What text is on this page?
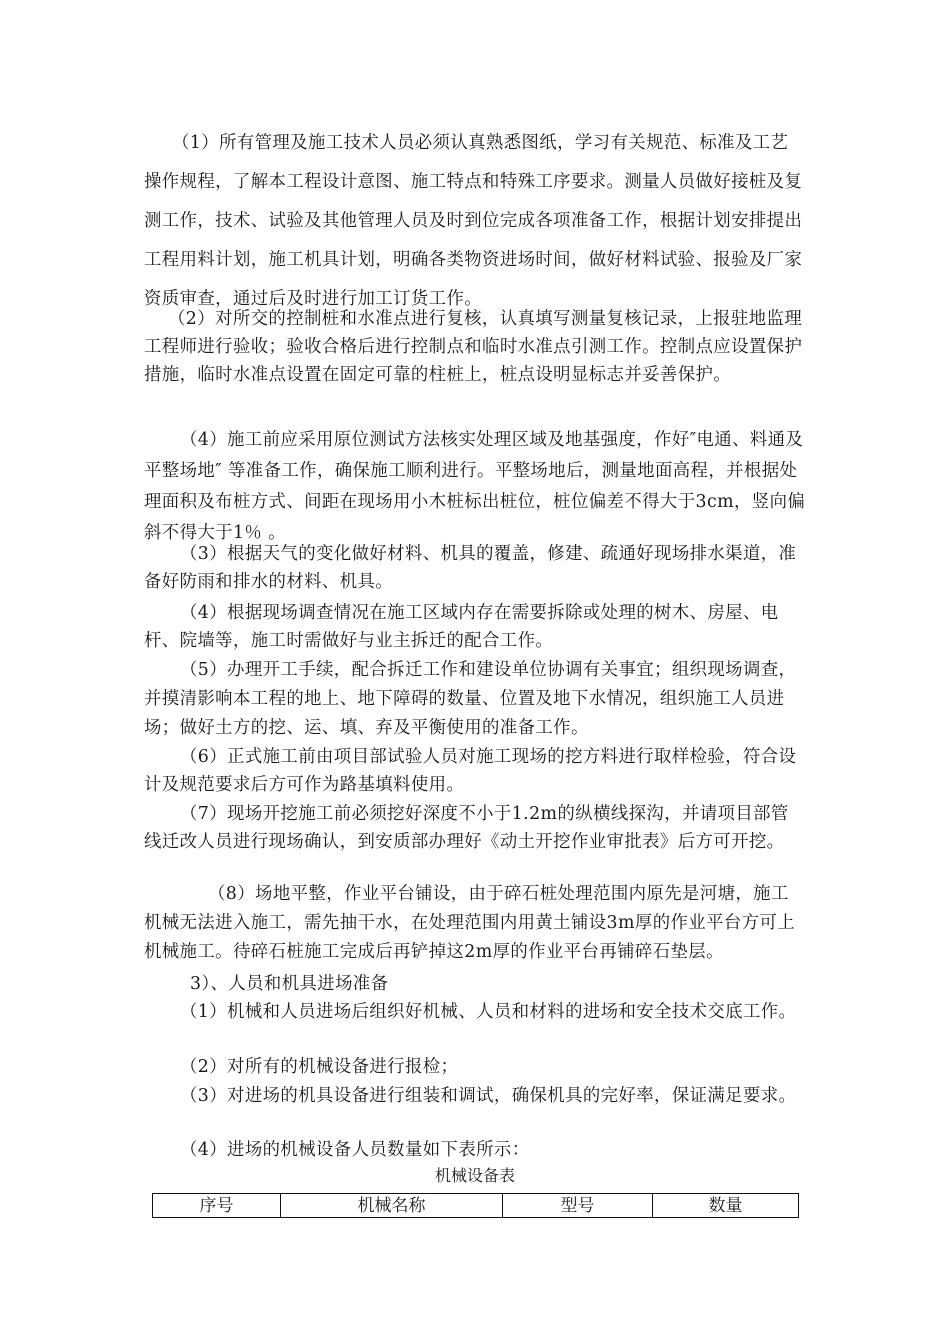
（1）所有管理及施工技术人员必须认真熟悉图纸，学习有关规范、标准及工艺操作规程，了解本工程设计意图、施工特点和特殊工序要求。测量人员做好接桩及复测工作，技术、试验及其他管理人员及时到位完成各项准备工作，根据计划安排提出工程用料计划，施工机具计划，明确各类物资进场时间，做好材料试验、报验及厂家资质审查，通过后及时进行加工订货工作。

（2）对所交的控制桩和水准点进行复核，认真填写测量复核记录，上报驻地监理工程师进行验收；验收合格后进行控制点和临时水准点引测工作。控制点应设置保护措施，临时水准点设置在固定可靠的柱桩上，桩点设明显标志并妥善保护。

（4）施工前应采用原位测试方法核实处理区域及地基强度，作好″电通、料通及平整场地″ 等准备工作，确保施工顺利进行。平整场地后，测量地面高程，并根据处理面积及布桩方式、间距在现场用小木桩标出桩位，桩位偏差不得大于3cm，竖向偏斜不得大于1％ 。

（3）根据天气的变化做好材料、机具的覆盖，修建、疏通好现场排水渠道，准备好防雨和排水的材料、机具。

（4）根据现场调查情况在施工区域内存在需要拆除或处理的树木、房屋、电杆、院墙等，施工时需做好与业主拆迁的配合工作。

（5）办理开工手续，配合拆迁工作和建设单位协调有关事宜；组织现场调查，并摸清影响本工程的地上、地下障碍的数量、位置及地下水情况，组织施工人员进场；做好土方的挖、运、填、弃及平衡使用的准备工作。

（6）正式施工前由项目部试验人员对施工现场的挖方料进行取样检验，符合设计及规范要求后方可作为路基填料使用。

（7）现场开挖施工前必须挖好深度不小于1.2m的纵横线探沟，并请项目部管线迁改人员进行现场确认，到安质部办理好《动土开挖作业审批表》后方可开挖。

（8）场地平整，作业平台铺设，由于碎石桩处理范围内原先是河塘，施工机械无法进入施工，需先抽干水，在处理范围内用黄土铺设3m厚的作业平台方可上机械施工。待碎石桩施工完成后再铲掉这2m厚的作业平台再铺碎石垫层。

3）、人员和机具进场准备

（1）机械和人员进场后组织好机械、人员和材料的进场和安全技术交底工作。

（2）对所有的机械设备进行报检；

（3）对进场的机具设备进行组装和调试，确保机具的完好率，保证满足要求。

（4）进场的机械设备人员数量如下表所示：

机械设备表
序号	机械名称	型号	数量
